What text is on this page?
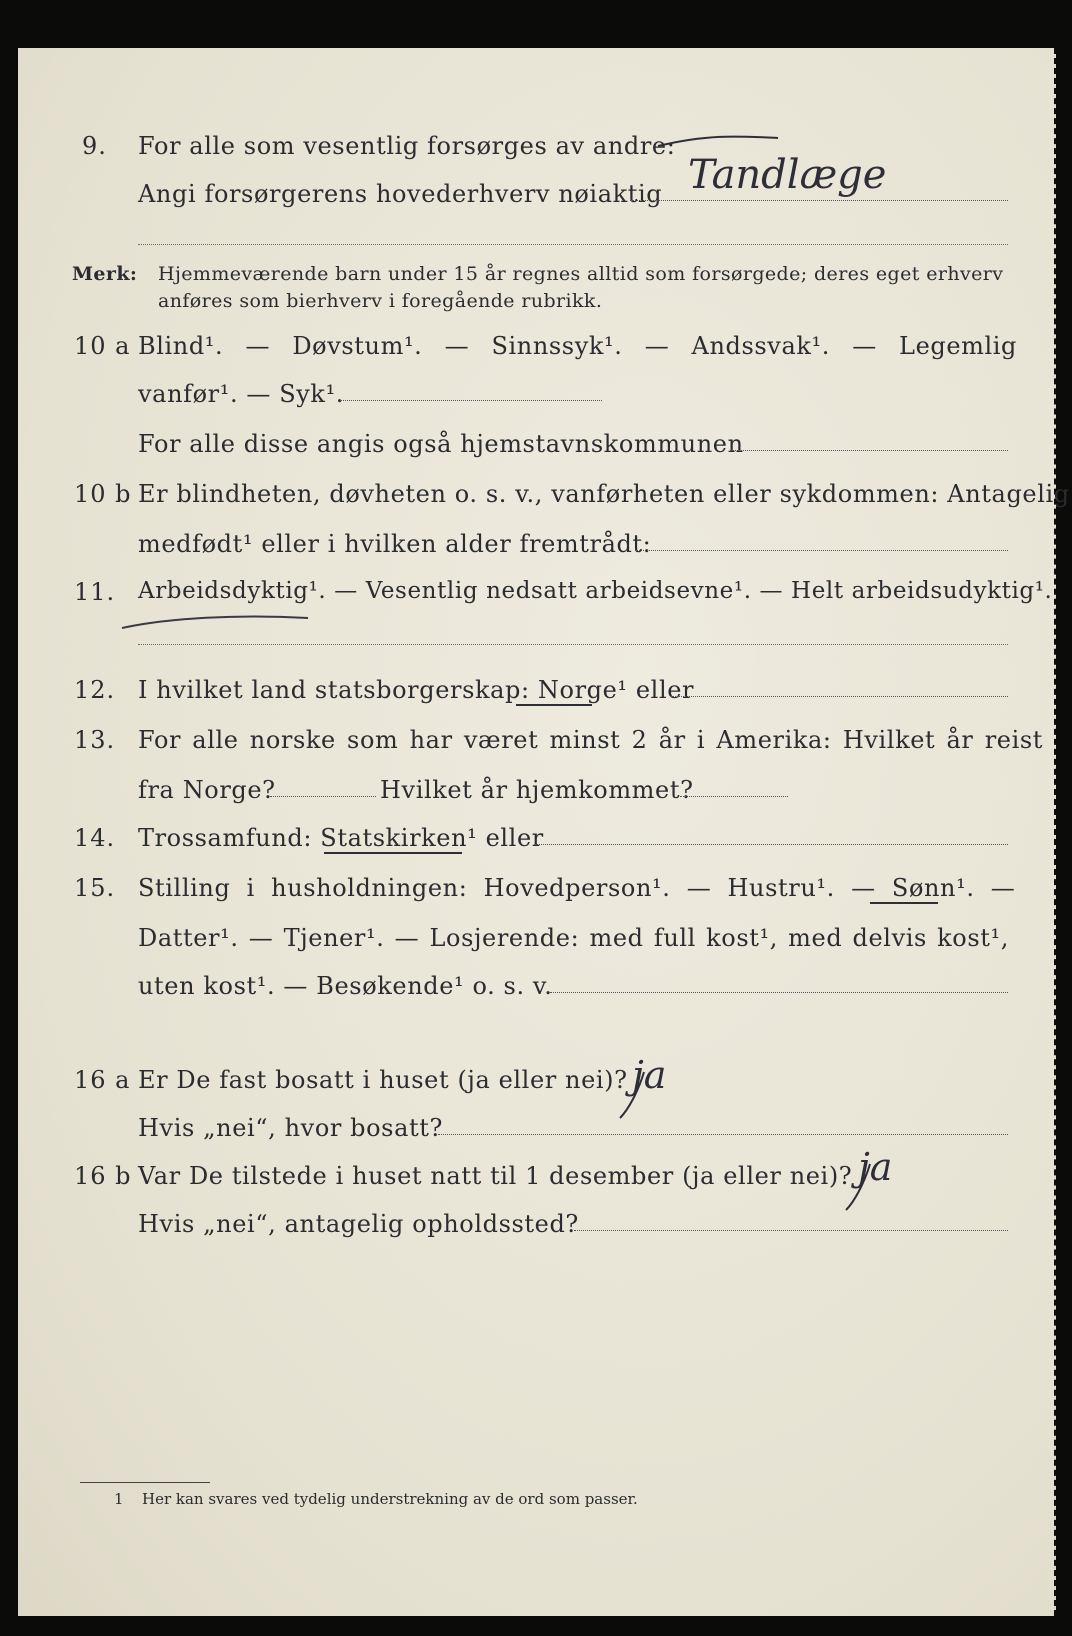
9. For alle som vesentlig forsørges av andre:
Angi forsørgerens hovederhverv nøiaktig Tandlæge
Merk: Hjemmeværende barn under 15 år regnes alltid som forsørgede; deres eget erhverv
anføres som bierhverv i foregående rubrikk.
10 a Blind¹. — Døvstum¹. — Sinnssyk¹. — Andssvak¹. — Legemlig
vanfør¹. — Syk¹.
For alle disse angis også hjemstavnskommunen
10 b Er blindheten, døvheten o. s. v., vanførheten eller sykdommen: Antagelig
medfødt¹ eller i hvilken alder fremtrådt:
11. Arbeidsdyktig¹. — Vesentlig nedsatt arbeidsevne¹. — Helt arbeidsudyktig¹.
12. I hvilket land statsborgerskap: Norge¹ eller
13. For alle norske som har været minst 2 år i Amerika: Hvilket år reist
fra Norge?	Hvilket år hjemkommet?
14. Trossamfund: Statskirken¹ eller
15. Stilling i husholdningen: Hovedperson¹. — Hustru¹. — Sønn¹. —
Datter¹. — Tjener¹. — Losjerende: med full kost¹, med delvis kost¹,
uten kost¹. — Besøkende¹ o. s. v.
16 a Er De fast bosatt i huset (ja eller nei)? ja
Hvis „nei“, hvor bosatt?
16 b Var De tilstede i huset natt til 1 desember (ja eller nei)? ja
Hvis „nei“, antagelig opholdssted?
1 Her kan svares ved tydelig understrekning av de ord som passer.
